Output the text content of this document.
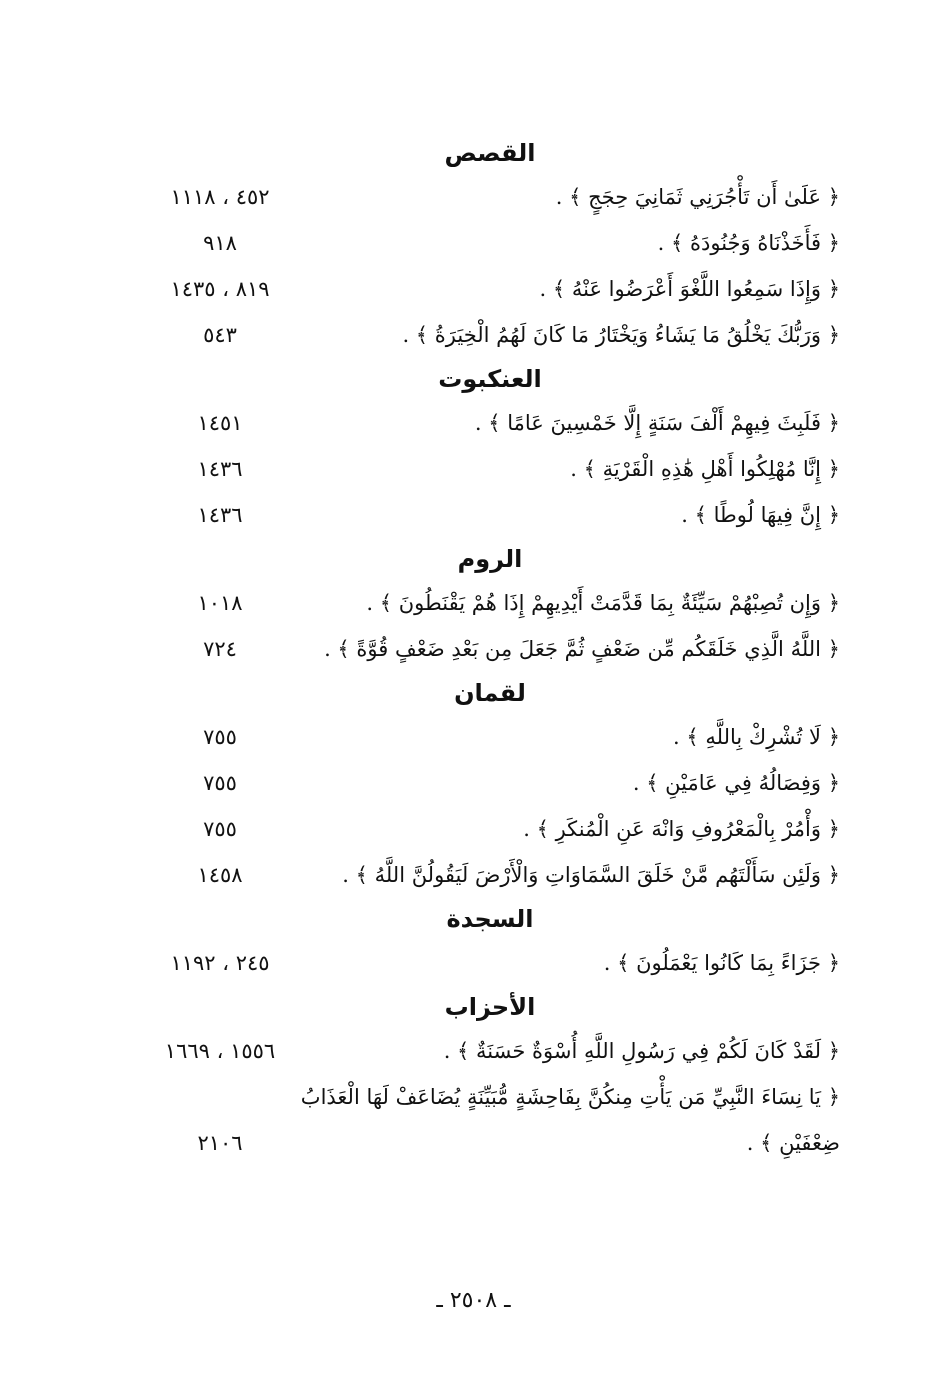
القصص
﴿ عَلَىٰ أَن تَأْجُرَنِي ثَمَانِيَ حِجَجٍ ﴾ .
٤٥٢ ، ١١١٨
﴿ فَأَخَذْنَاهُ وَجُنُودَهُ ﴾ .
٩١٨
﴿ وَإِذَا سَمِعُوا اللَّغْوَ أَعْرَضُوا عَنْهُ ﴾ .
٨١٩ ، ١٤٣٥
﴿ وَرَبُّكَ يَخْلُقُ مَا يَشَاءُ وَيَخْتَارُ مَا كَانَ لَهُمُ الْخِيَرَةُ ﴾ .
٥٤٣
العنكبوت
﴿ فَلَبِثَ فِيهِمْ أَلْفَ سَنَةٍ إِلَّا خَمْسِينَ عَامًا ﴾ .
١٤٥١
﴿ إِنَّا مُهْلِكُوا أَهْلِ هَٰذِهِ الْقَرْيَةِ ﴾ .
١٤٣٦
﴿ إِنَّ فِيهَا لُوطًا ﴾ .
١٤٣٦
الروم
﴿ وَإِن تُصِبْهُمْ سَيِّئَةٌ بِمَا قَدَّمَتْ أَيْدِيهِمْ إِذَا هُمْ يَقْنَطُونَ ﴾ .
١٠١٨
﴿ اللَّهُ الَّذِي خَلَقَكُم مِّن ضَعْفٍ ثُمَّ جَعَلَ مِن بَعْدِ ضَعْفٍ قُوَّةً ﴾ .
٧٢٤
لقمان
﴿ لَا تُشْرِكْ بِاللَّهِ ﴾ .
٧٥٥
﴿ وَفِصَالُهُ فِي عَامَيْنِ ﴾ .
٧٥٥
﴿ وَأْمُرْ بِالْمَعْرُوفِ وَانْهَ عَنِ الْمُنكَرِ ﴾ .
٧٥٥
﴿ وَلَئِن سَأَلْتَهُم مَّنْ خَلَقَ السَّمَاوَاتِ وَالْأَرْضَ لَيَقُولُنَّ اللَّهُ ﴾ .
١٤٥٨
السجدة
﴿ جَزَاءً بِمَا كَانُوا يَعْمَلُونَ ﴾ .
٢٤٥ ، ١١٩٢
الأحزاب
﴿ لَقَدْ كَانَ لَكُمْ فِي رَسُولِ اللَّهِ أُسْوَةٌ حَسَنَةٌ ﴾ .
١٥٥٦ ، ١٦٦٩
﴿ يَا نِسَاءَ النَّبِيِّ مَن يَأْتِ مِنكُنَّ بِفَاحِشَةٍ مُّبَيِّنَةٍ يُضَاعَفْ لَهَا الْعَذَابُ ضِعْفَيْنِ ﴾ .
٢١٠٦
ـ ٢٥٠٨ ـ
